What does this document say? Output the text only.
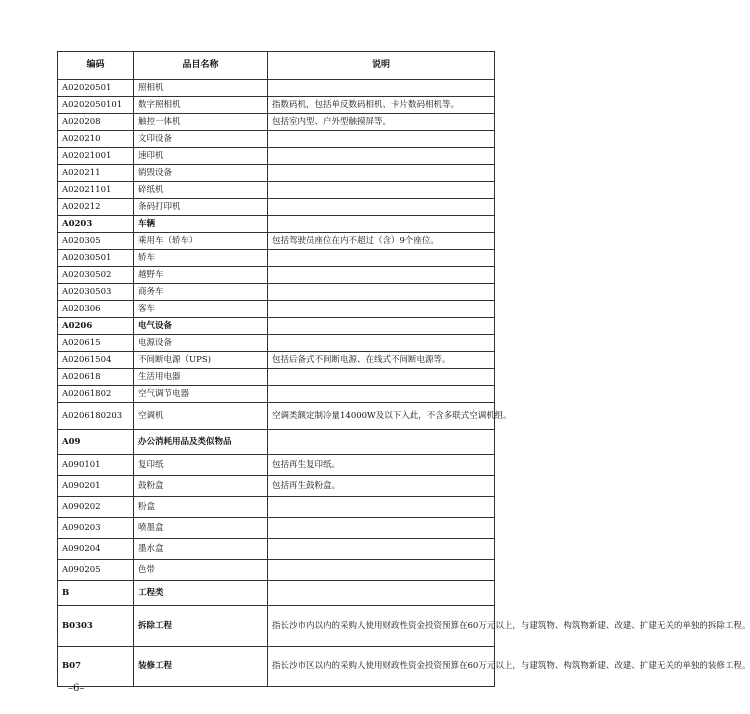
编码	品目名称	说明
A02020501	照相机	
A0202050101	数字照相机	指数码机，包括单反数码相机、卡片数码相机等。
A020208	触控一体机	包括室内型、户外型触摸屏等。
A020210	文印设备	
A02021001	速印机	
A020211	销毁设备	
A02021101	碎纸机	
A020212	条码打印机	
A0203	车辆	
A020305	乘用车（轿车）	包括驾驶员座位在内不超过（含）9个座位。
A02030501	轿车	
A02030502	越野车	
A02030503	商务车	
A020306	客车	
A0206	电气设备	
A020615	电源设备	
A02061504	不间断电源（UPS)	包括后备式不间断电源、在线式不间断电源等。
A020618	生活用电器	
A02061802	空气调节电器	
A0206180203	空调机	空调类额定制冷量14000W及以下入此，不含多联式空调机组。
A09	办公消耗用品及类似物品	
A090101	复印纸	包括再生复印纸。
A090201	鼓粉盒	包括再生鼓粉盒。
A090202	粉盒	
A090203	喷墨盒	
A090204	墨水盒	
A090205	色带	
B	工程类	
B0303	拆除工程	指长沙市内以内的采购人使用财政性资金投资预算在60万元以上，与建筑物、构筑物新建、改建、扩建无关的单独的拆除工程。
B07	装修工程	指长沙市区以内的采购人使用财政性资金投资预算在60万元以上，与建筑物、构筑物新建、改建、扩建无关的单独的装修工程。
–6–
